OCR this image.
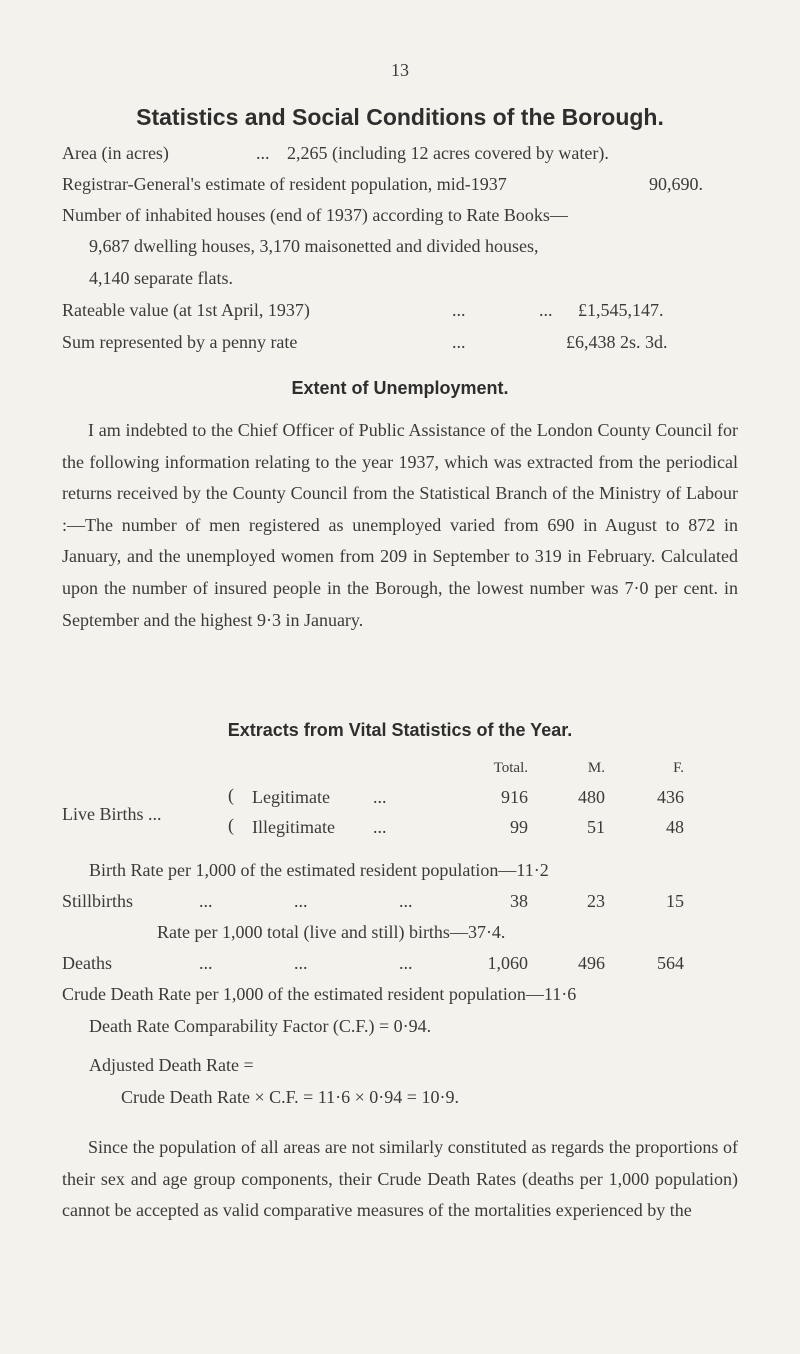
13
Statistics and Social Conditions of the Borough.
Area (in acres)	... 2,265 (including 12 acres covered by water).
Registrar-General's estimate of resident population, mid-1937	90,690.
Number of inhabited houses (end of 1937) according to Rate Books—
9,687 dwelling houses, 3,170 maisonetted and divided houses,
4,140 separate flats.
Rateable value (at 1st April, 1937)	...	... £1,545,147.
Sum represented by a penny rate	...	£6,438 2s. 3d.
Extent of Unemployment.
I am indebted to the Chief Officer of Public Assistance of the London County Council for the following information relating to the year 1937, which was extracted from the periodical returns received by the County Council from the Statistical Branch of the Ministry of Labour :—The number of men registered as unemployed varied from 690 in August to 872 in January, and the unemployed women from 209 in September to 319 in February. Calculated upon the number of insured people in the Borough, the lowest number was 7·0 per cent. in September and the highest 9·3 in January.
Extracts from Vital Statistics of the Year.
Total.	M.	F.
Live Births ...
(
(
Legitimate ...	916	480	436
Illegitimate ...	99	51	48
Birth Rate per 1,000 of the estimated resident population—11·2
Stillbirths	...	...	...	38	23	15
Rate per 1,000 total (live and still) births—37·4.
Deaths	...	...	...	1,060	496	564
Crude Death Rate per 1,000 of the estimated resident population—11·6
Death Rate Comparability Factor (C.F.) = 0·94.
Adjusted Death Rate =
Crude Death Rate × C.F. = 11·6 × 0·94 = 10·9.
Since the population of all areas are not similarly constituted as regards the proportions of their sex and age group components, their Crude Death Rates (deaths per 1,000 population) cannot be accepted as valid comparative measures of the mortalities experienced by the
